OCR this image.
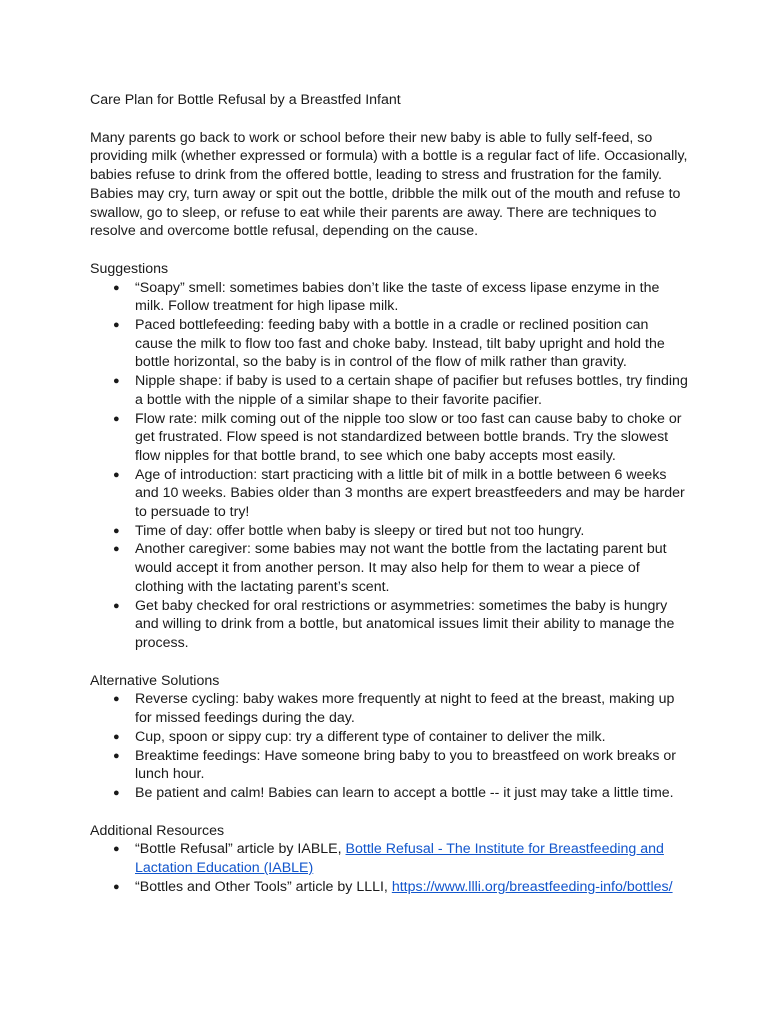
Care Plan for Bottle Refusal by a Breastfed Infant

Many parents go back to work or school before their new baby is able to fully self-feed, so providing milk (whether expressed or formula) with a bottle is a regular fact of life. Occasionally, babies refuse to drink from the offered bottle, leading to stress and frustration for the family. Babies may cry, turn away or spit out the bottle, dribble the milk out of the mouth and refuse to swallow, go to sleep, or refuse to eat while their parents are away. There are techniques to resolve and overcome bottle refusal, depending on the cause.

Suggestions
● “Soapy” smell: sometimes babies don’t like the taste of excess lipase enzyme in the milk. Follow treatment for high lipase milk.
● Paced bottlefeeding: feeding baby with a bottle in a cradle or reclined position can cause the milk to flow too fast and choke baby. Instead, tilt baby upright and hold the bottle horizontal, so the baby is in control of the flow of milk rather than gravity.
● Nipple shape: if baby is used to a certain shape of pacifier but refuses bottles, try finding a bottle with the nipple of a similar shape to their favorite pacifier.
● Flow rate: milk coming out of the nipple too slow or too fast can cause baby to choke or get frustrated. Flow speed is not standardized between bottle brands. Try the slowest flow nipples for that bottle brand, to see which one baby accepts most easily.
● Age of introduction: start practicing with a little bit of milk in a bottle between 6 weeks and 10 weeks. Babies older than 3 months are expert breastfeeders and may be harder to persuade to try!
● Time of day: offer bottle when baby is sleepy or tired but not too hungry.
● Another caregiver: some babies may not want the bottle from the lactating parent but would accept it from another person. It may also help for them to wear a piece of clothing with the lactating parent’s scent.
● Get baby checked for oral restrictions or asymmetries: sometimes the baby is hungry and willing to drink from a bottle, but anatomical issues limit their ability to manage the process.
Alternative Solutions
● Reverse cycling: baby wakes more frequently at night to feed at the breast, making up for missed feedings during the day.
● Cup, spoon or sippy cup: try a different type of container to deliver the milk.
● Breaktime feedings: Have someone bring baby to you to breastfeed on work breaks or lunch hour.
● Be patient and calm! Babies can learn to accept a bottle -- it just may take a little time.
Additional Resources
● “Bottle Refusal” article by IABLE, Bottle Refusal - The Institute for Breastfeeding and Lactation Education (IABLE)
● “Bottles and Other Tools” article by LLLI, https://www.llli.org/breastfeeding-info/bottles/
